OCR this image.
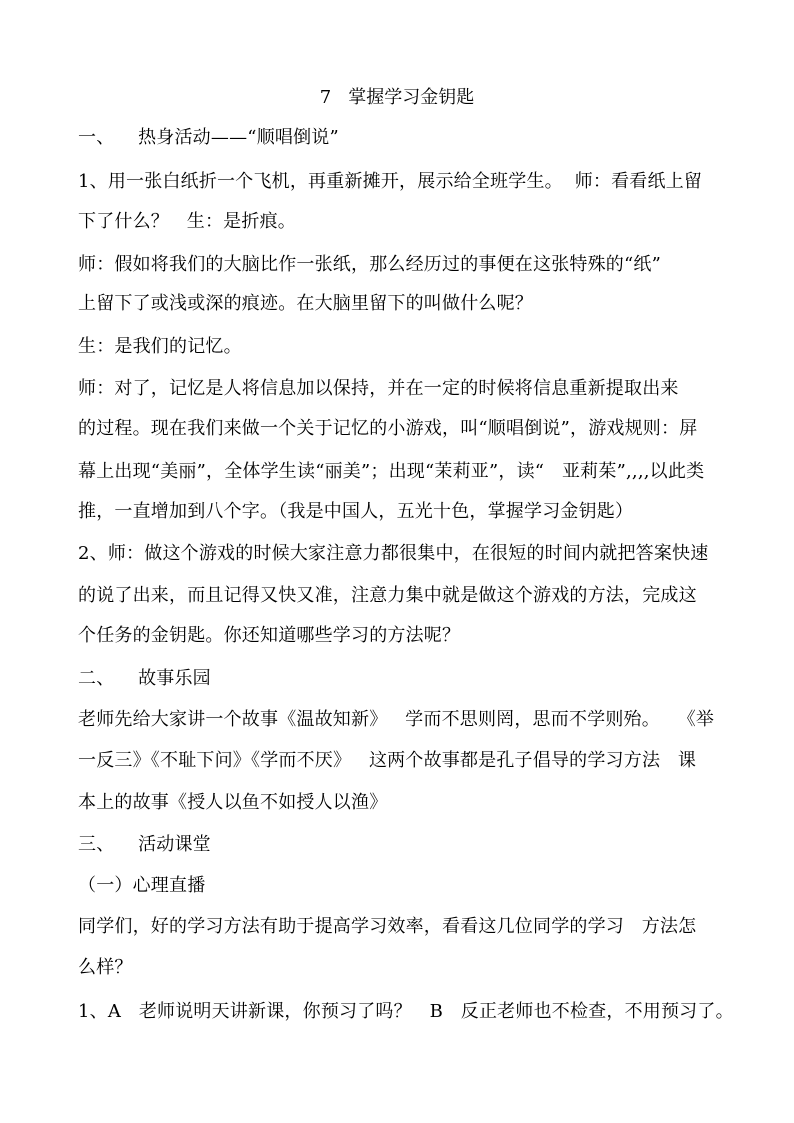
7   掌握学习金钥匙
一、    热身活动——“顺唱倒说”
1、用一张白纸折一个飞机，再重新摊开，展示给全班学生。  师：看看纸上留
下了什么？   生：是折痕。
师：假如将我们的大脑比作一张纸，那么经历过的事便在这张特殊的“纸”
上留下了或浅或深的痕迹。在大脑里留下的叫做什么呢？
生：是我们的记忆。
师：对了，记忆是人将信息加以保持，并在一定的时候将信息重新提取出来
的过程。现在我们来做一个关于记忆的小游戏，叫“顺唱倒说”，游戏规则：屏
幕上出现“美丽”，全体学生读“丽美”；出现“茉莉亚”，读“   亚莉茱”,,,,以此类
推，一直增加到八个字。（我是中国人，五光十色，掌握学习金钥匙）
2、师：做这个游戏的时候大家注意力都很集中，在很短的时间内就把答案快速
的说了出来，而且记得又快又准，注意力集中就是做这个游戏的方法，完成这
个任务的金钥匙。你还知道哪些学习的方法呢？
二、    故事乐园
老师先给大家讲一个故事《温故知新》   学而不思则罔，思而不学则殆。   《举
一反三》《不耻下问》《学而不厌》   这两个故事都是孔子倡导的学习方法   课
本上的故事《授人以鱼不如授人以渔》
三、    活动课堂
（一）心理直播
同学们，好的学习方法有助于提高学习效率，看看这几位同学的学习   方法怎
么样？
1、A   老师说明天讲新课，你预习了吗？   B   反正老师也不检查，不用预习了。
